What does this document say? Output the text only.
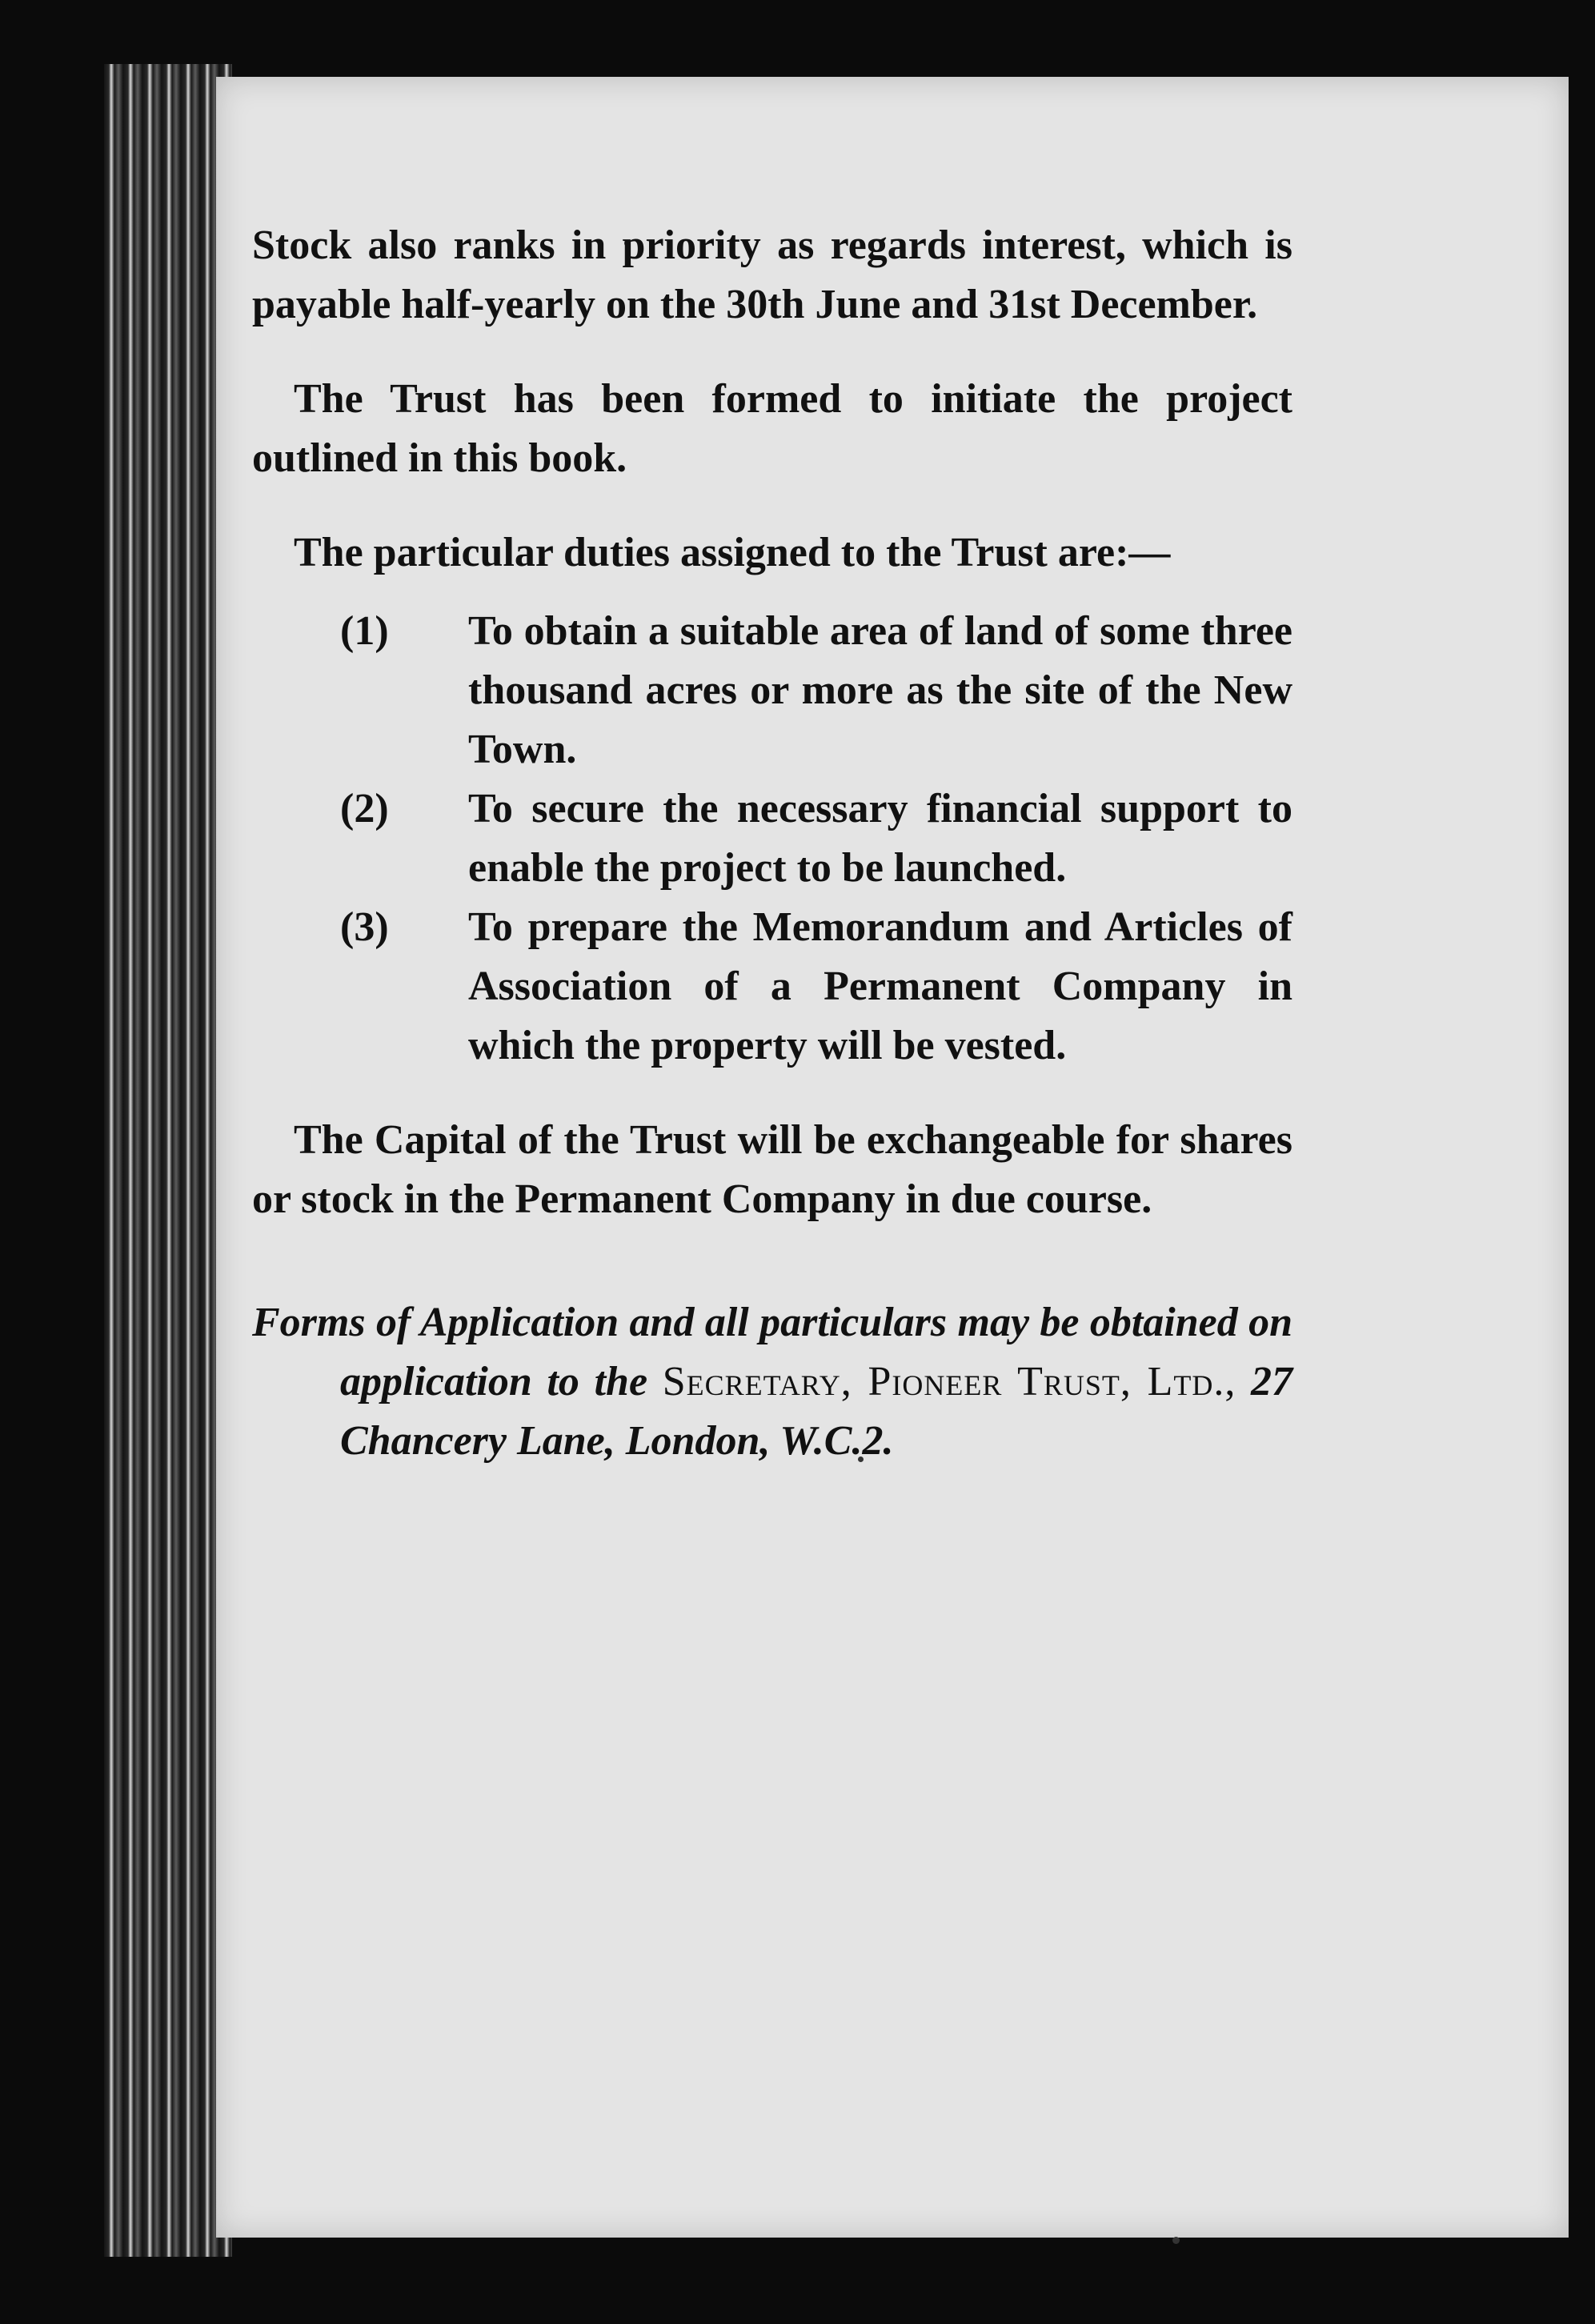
Stock also ranks in priority as regards interest, which is payable half-yearly on the 30th June and 31st December.

The Trust has been formed to initiate the project outlined in this book.

The particular duties assigned to the Trust are:—

(1) To obtain a suitable area of land of some three thousand acres or more as the site of the New Town.
(2) To secure the necessary financial support to enable the project to be launched.
(3) To prepare the Memorandum and Articles of Association of a Permanent Company in which the property will be vested.

The Capital of the Trust will be exchangeable for shares or stock in the Permanent Company in due course.

Forms of Application and all particulars may be obtained on application to the Secretary, Pioneer Trust, Ltd., 27 Chancery Lane, London, W.C.2.
